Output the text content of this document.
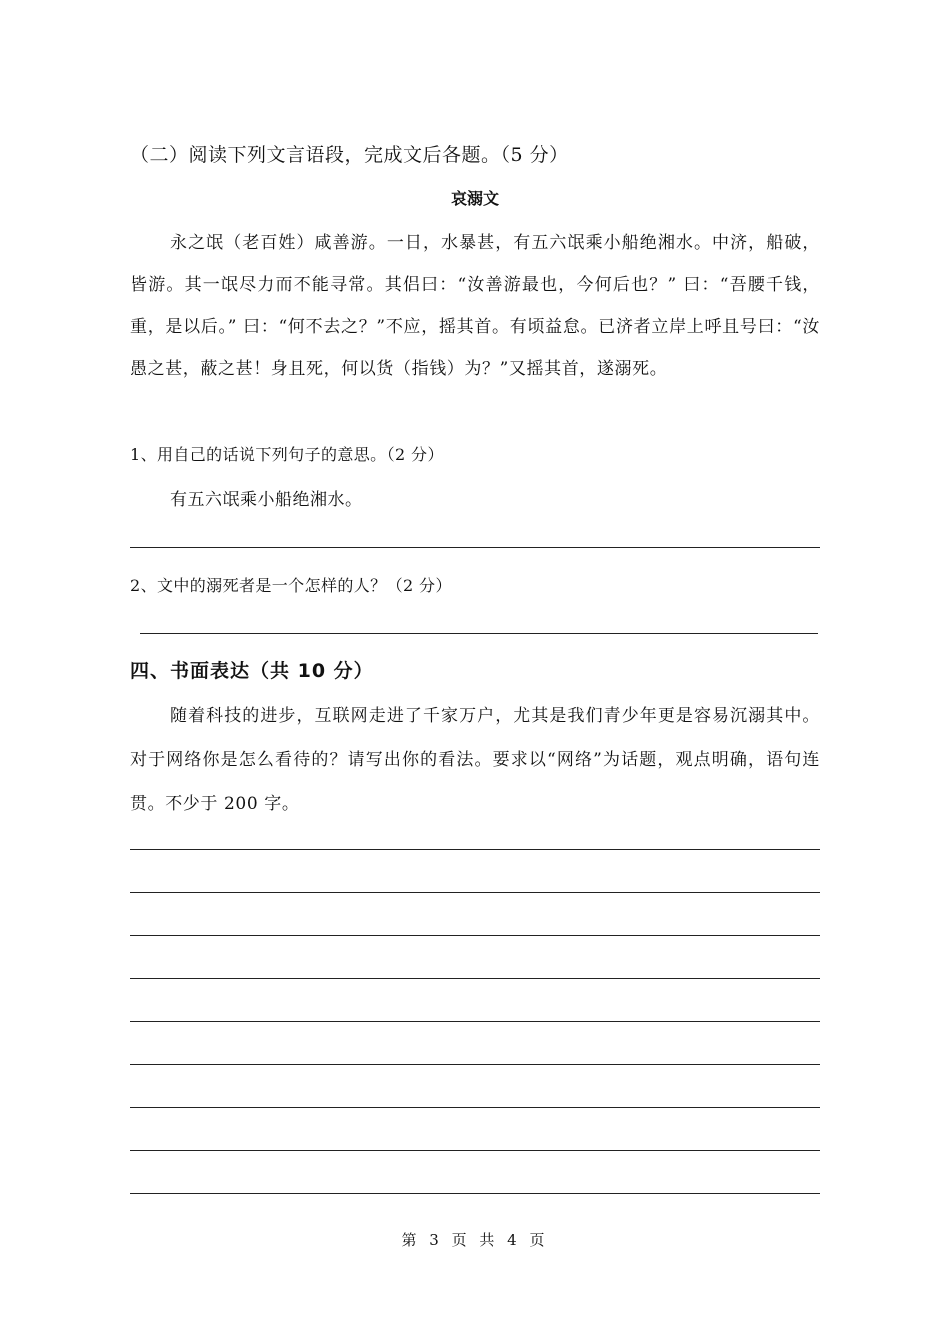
（二）阅读下列文言语段，完成文后各题。（5 分）
哀溺文
永之氓（老百姓）咸善游。一日，水暴甚，有五六氓乘小船绝湘水。中济，船破，皆游。其一氓尽力而不能寻常。其侣曰：“汝善游最也，今何后也？” 曰：“吾腰千钱，重，是以后。” 曰：“何不去之？”不应，摇其首。有顷益怠。已济者立岸上呼且号曰：“汝愚之甚，蔽之甚！身且死，何以货（指钱）为？”又摇其首，遂溺死。
1、用自己的话说下列句子的意思。（2 分）
有五六氓乘小船绝湘水。
2、文中的溺死者是一个怎样的人？（2 分）
四、书面表达（共 10 分）
随着科技的进步，互联网走进了千家万户，尤其是我们青少年更是容易沉溺其中。对于网络你是怎么看待的？请写出你的看法。要求以“网络”为话题，观点明确，语句连贯。不少于 200 字。
第 3 页 共 4 页
